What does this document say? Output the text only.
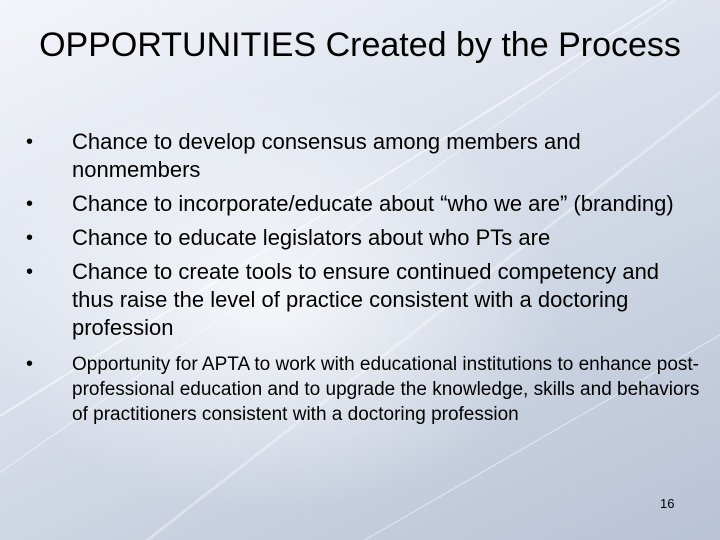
OPPORTUNITIES Created by the Process
• Chance to develop consensus among members and nonmembers
• Chance to incorporate/educate about “who we are” (branding)
• Chance to educate legislators about who PTs are
• Chance to create tools to ensure continued competency and thus raise the level of practice consistent with a doctoring profession
• Opportunity for APTA to work with educational institutions to enhance post-professional education and to upgrade the knowledge, skills and behaviors of practitioners consistent with a doctoring profession
16
